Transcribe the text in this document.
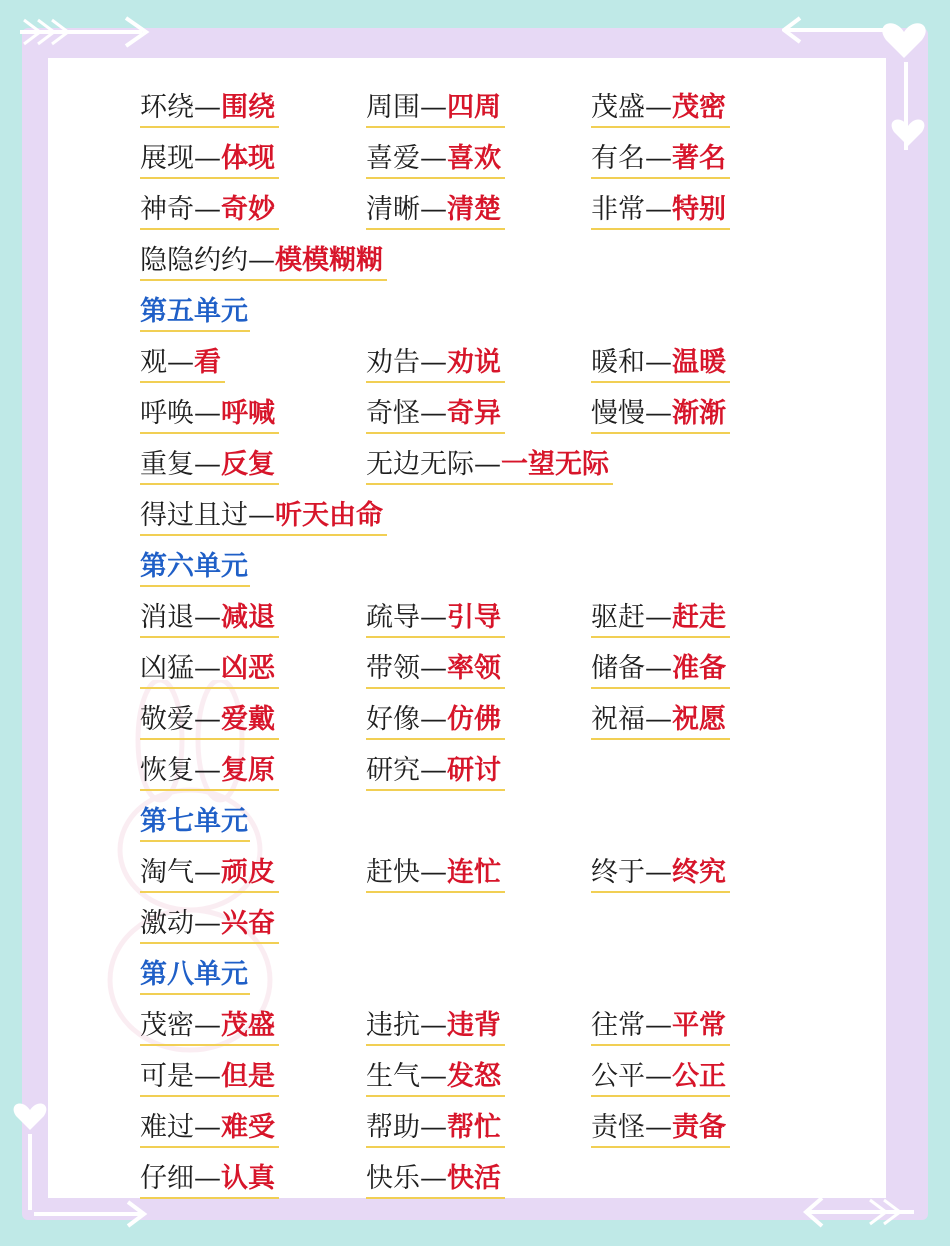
环绕—围绕	周围—四周	茂盛—茂密
展现—体现	喜爱—喜欢	有名—著名
神奇—奇妙	清晰—清楚	非常—特别
隐隐约约—模模糊糊
第五单元
观—看	劝告—劝说	暖和—温暖
呼唤—呼喊	奇怪—奇异	慢慢—渐渐
重复—反复	无边无际—一望无际
得过且过—听天由命
第六单元
消退—减退	疏导—引导	驱赶—赶走
凶猛—凶恶	带领—率领	储备—准备
敬爱—爱戴	好像—仿佛	祝福—祝愿
恢复—复原	研究—研讨
第七单元
淘气—顽皮	赶快—连忙	终于—终究
激动—兴奋
第八单元
茂密—茂盛	违抗—违背	往常—平常
可是—但是	生气—发怒	公平—公正
难过—难受	帮助—帮忙	责怪—责备
仔细—认真	快乐—快活
